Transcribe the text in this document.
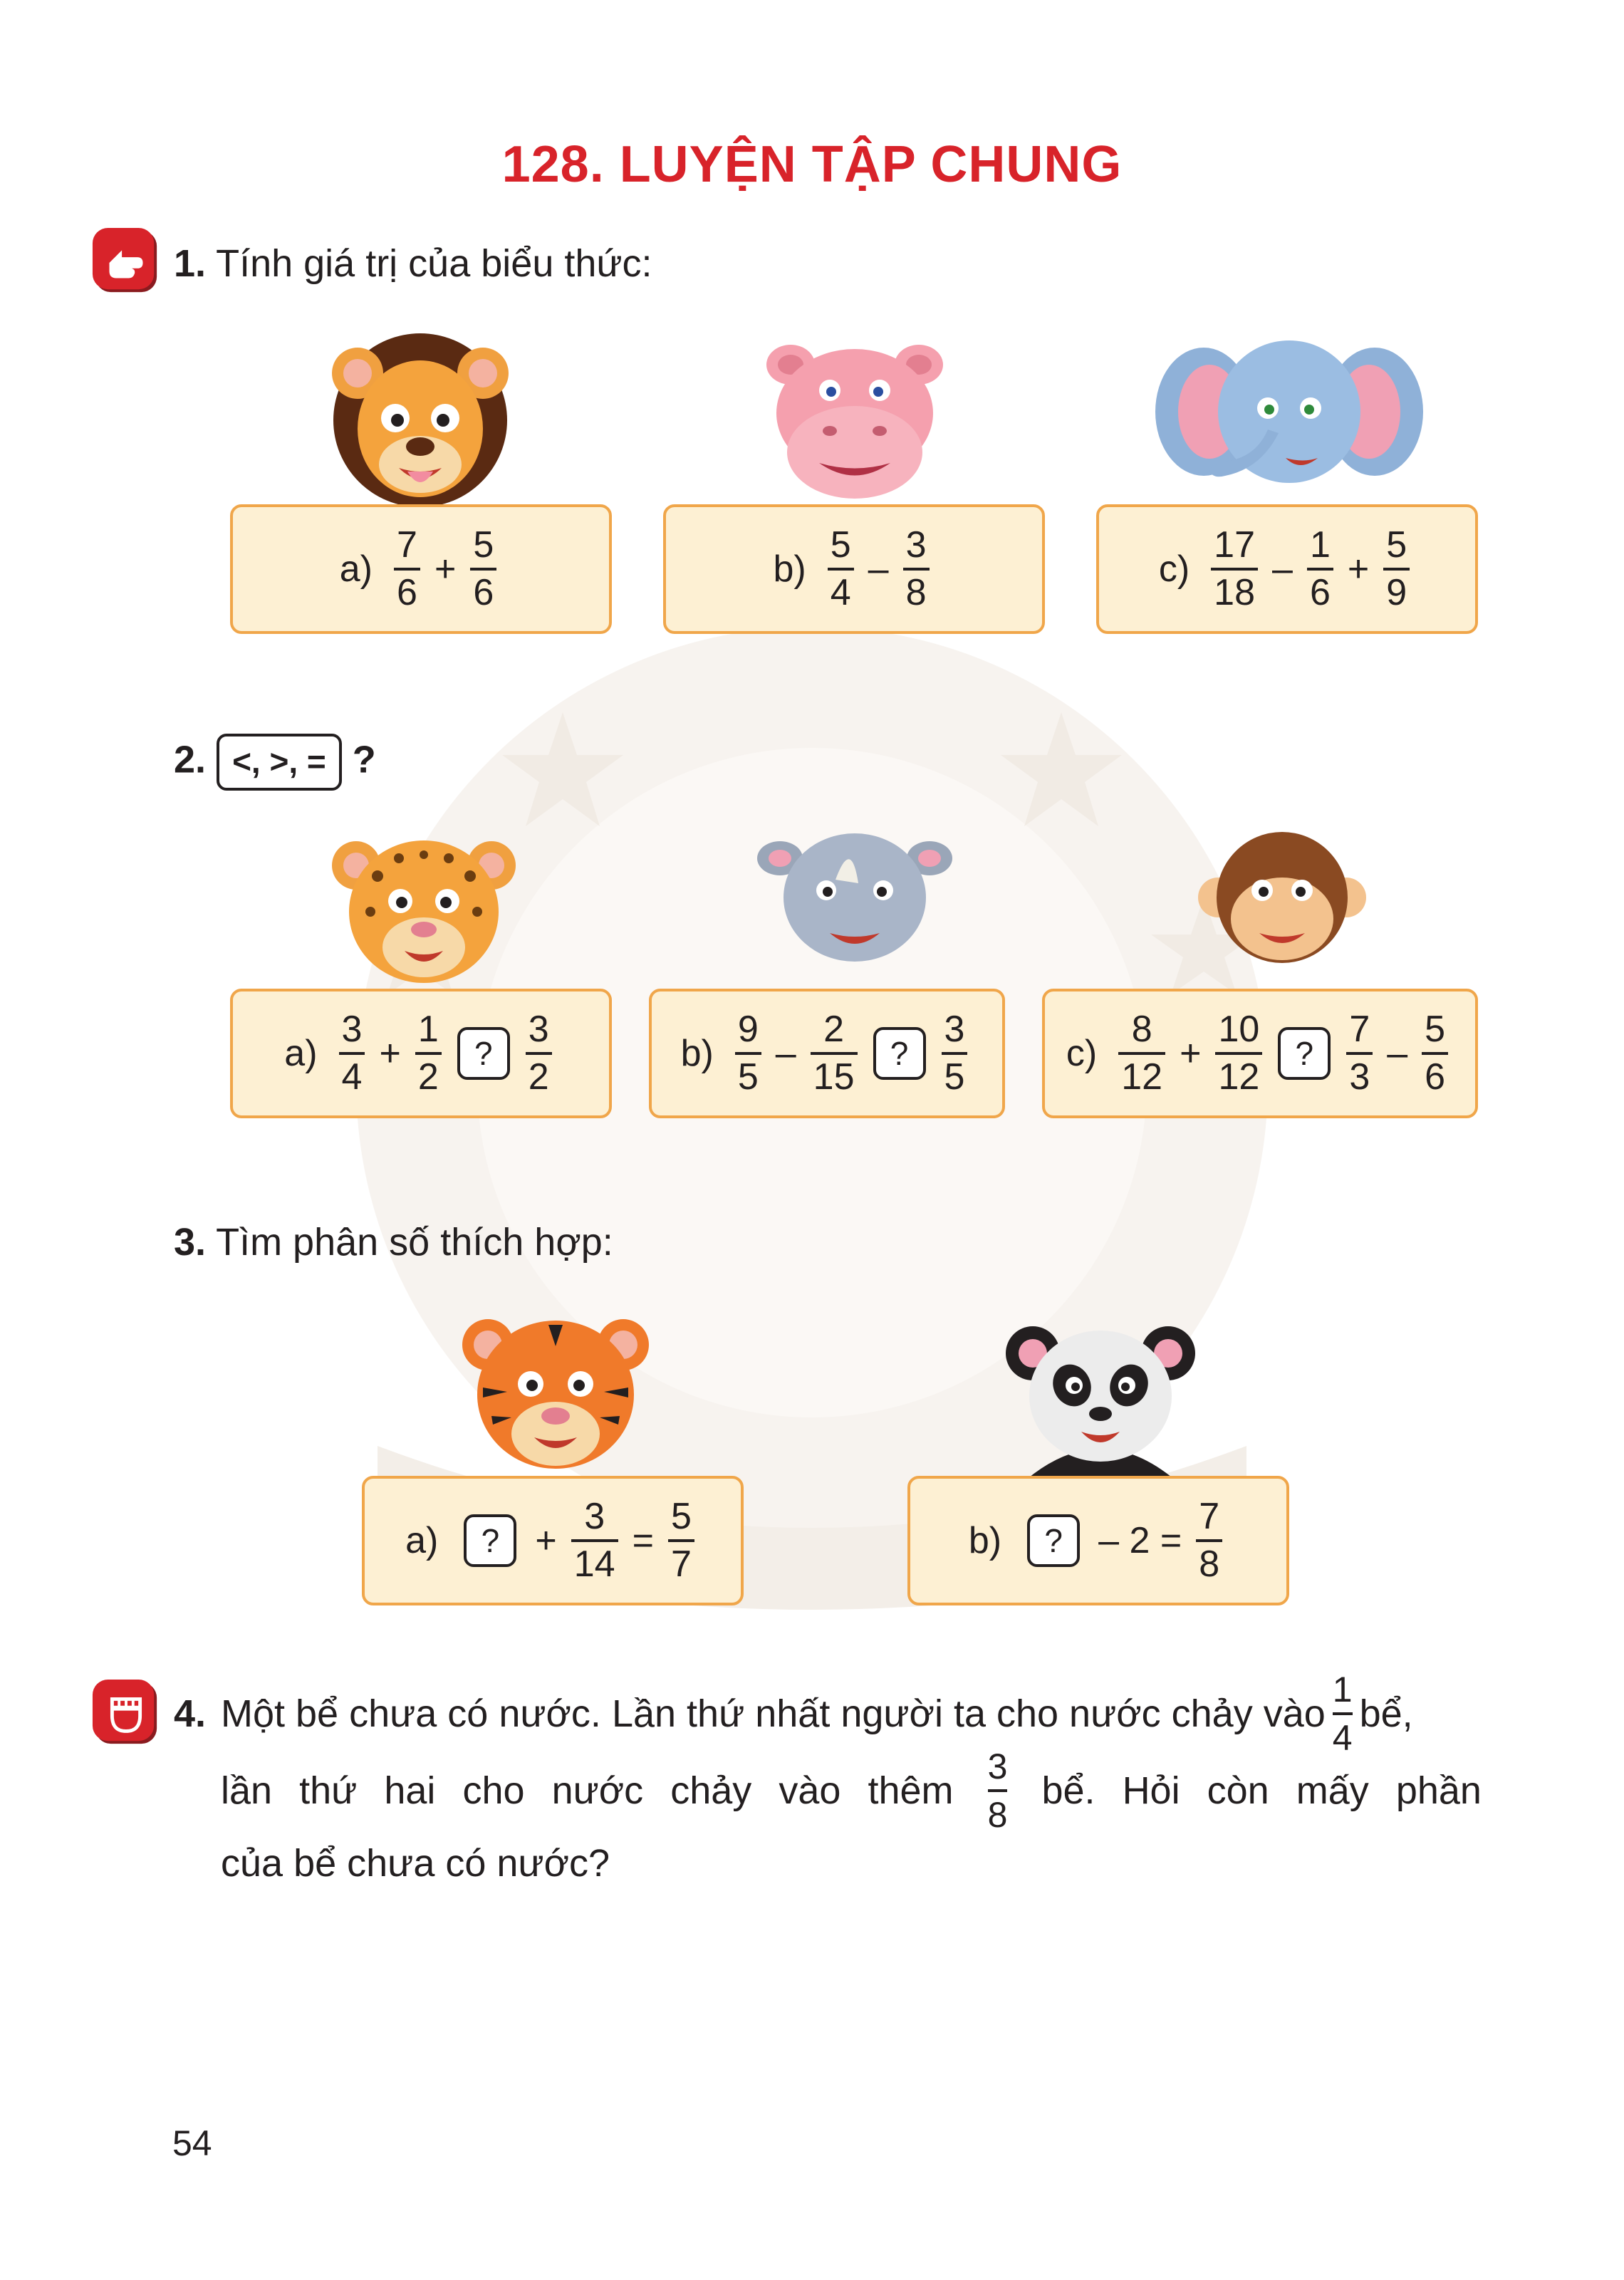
128. LUYỆN TẬP CHUNG
1. Tính giá trị của biểu thức:
$a) \frac{7}{6} + \frac{5}{6}$	$b) \frac{5}{4} - \frac{3}{8}$	$c) \frac{17}{18} - \frac{1}{6} + \frac{5}{9}$
2. <, >, = ?
$a) \frac{3}{4} + \frac{1}{2}$	? $\frac{3}{2}$	$b) \frac{9}{5} - \frac{2}{15}$	? $\frac{3}{5}$	$c) \frac{8}{12} + \frac{10}{12}$	? $\frac{7}{3} - \frac{5}{6}$
3. Tìm phân số thích hợp:
a)	? + $\frac{3}{14} = \frac{5}{7}$	b)	? – $2 = \frac{7}{8}$
4. Một bể chưa có nước. Lần thứ nhất người ta cho nước chảy vào
1
4
bể,
lần thứ hai cho nước chảy vào thêm
3
8
bể. Hỏi còn mấy phần
của bể chưa có nước?
54
